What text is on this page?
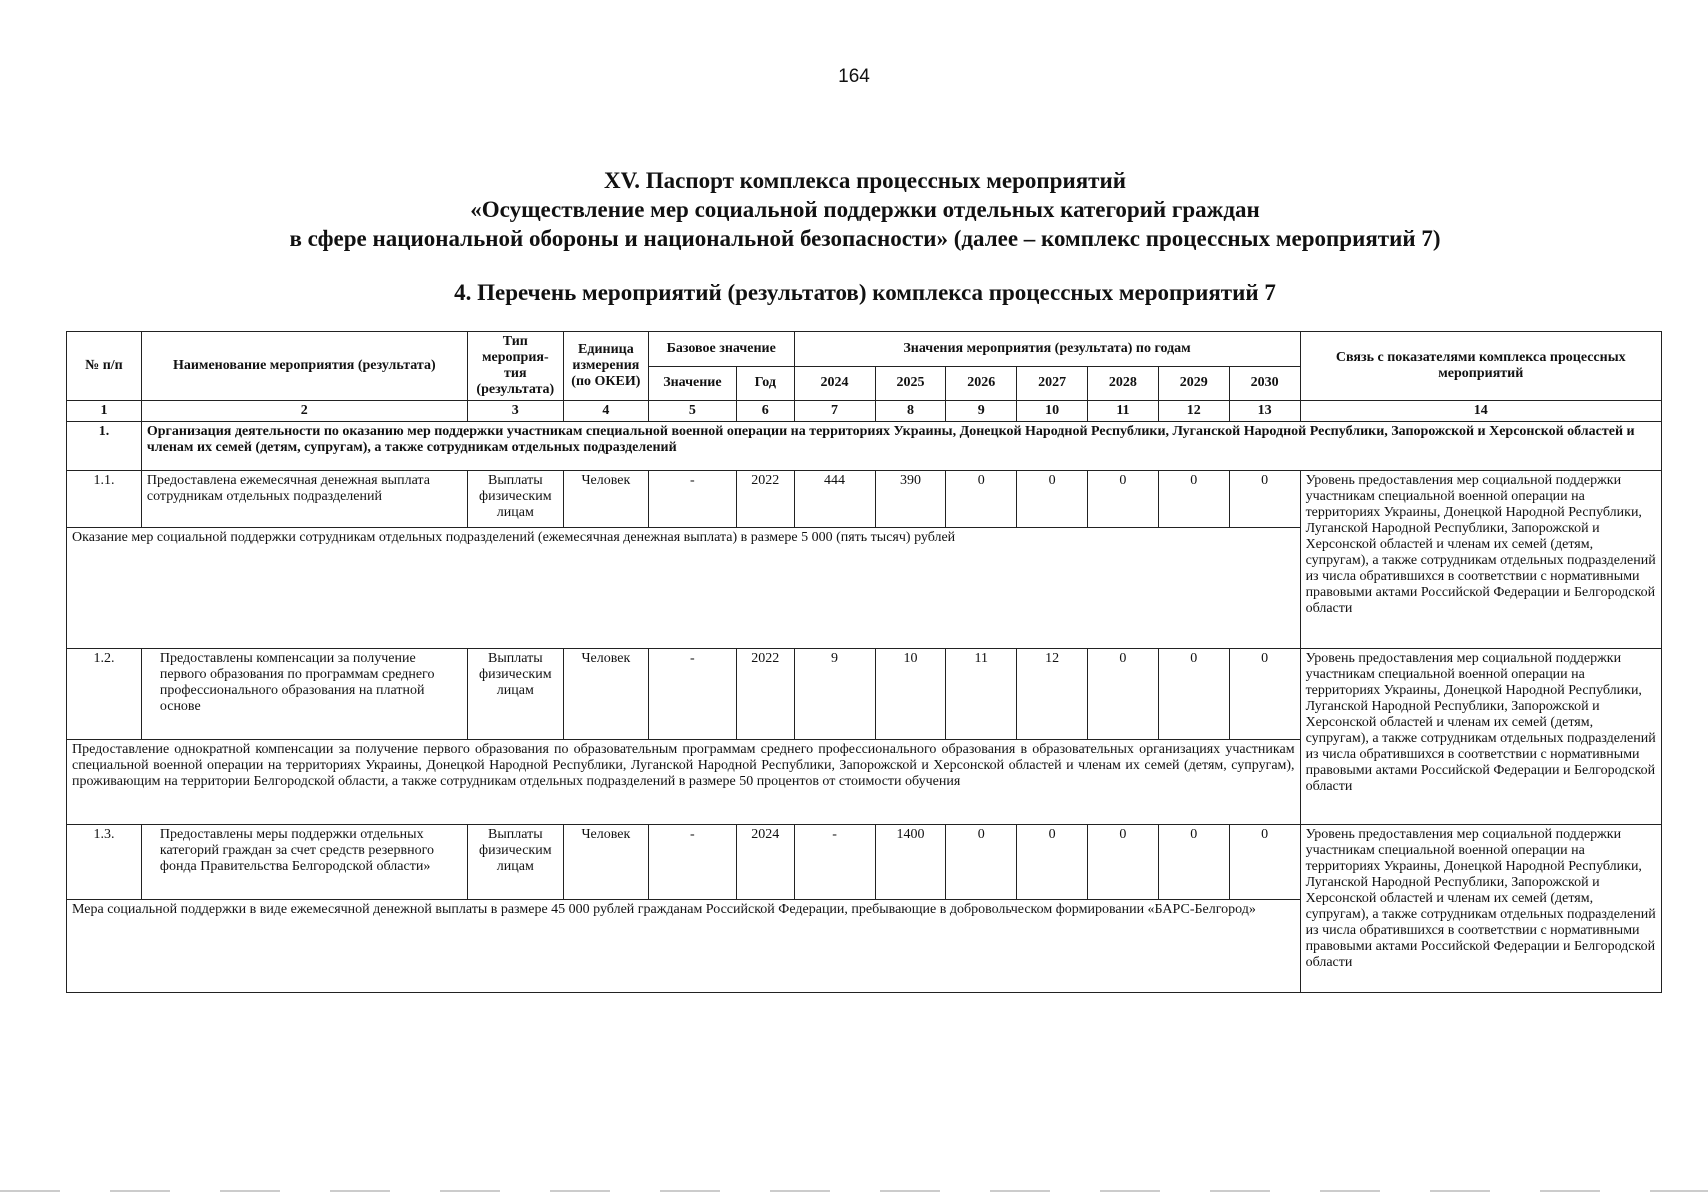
164
XV. Паспорт комплекса процессных мероприятий
«Осуществление мер социальной поддержки отдельных категорий граждан
в сфере национальной обороны и национальной безопасности» (далее – комплекс процессных мероприятий 7)
4. Перечень мероприятий (результатов) комплекса процессных мероприятий 7
№ п/п	Наименование мероприятия (результата)	Тип мероприя-тия (результата)	Единица измерения (по ОКЕИ)	Базовое значение		Значения мероприятия (результата) по годам							Связь с показателями комплекса процессных мероприятий
				Значение	Год	2024	2025	2026	2027	2028	2029	2030	
1	2	3	4	5	6	7	8	9	10	11	12	13	14
1.	Организация деятельности по оказанию мер поддержки участникам специальной военной операции на территориях Украины, Донецкой Народной Республики, Луганской Народной Республики, Запорожской и Херсонской областей и членам их семей (детям, супругам), а также сотрудникам отдельных подразделений												
1.1.	Предоставлена ежемесячная денежная выплата сотрудникам отдельных подразделений	Выплаты физическим лицам	Человек	-	2022	444	390	0	0	0	0	0	Уровень предоставления мер социальной поддержки участникам специальной военной операции на территориях Украины, Донецкой Народной Республики, Луганской Народной Республики, Запорожской и Херсонской областей и членам их семей (детям, супругам), а также сотрудникам отдельных подразделений из числа обратившихся в соответствии с нормативными правовыми актами Российской Федерации и Белгородской области
Оказание мер социальной поддержки сотрудникам отдельных подразделений (ежемесячная денежная выплата) в размере 5 000 (пять тысяч) рублей													
1.2.	Предоставлены компенсации за получение первого образования по программам среднего профессионального образования на платной основе	Выплаты физическим лицам	Человек	-	2022	9	10	11	12	0	0	0	Уровень предоставления мер социальной поддержки участникам специальной военной операции на территориях Украины, Донецкой Народной Республики, Луганской Народной Республики, Запорожской и Херсонской областей и членам их семей (детям, супругам), а также сотрудникам отдельных подразделений из числа обратившихся в соответствии с нормативными правовыми актами Российской Федерации и Белгородской области
Предоставление однократной компенсации за получение первого образования по образовательным программам среднего профессионального образования в образовательных организациях участникам специальной военной операции на территориях Украины, Донецкой Народной Республики, Луганской Народной Республики, Запорожской и Херсонской областей и членам их семей (детям, супругам), проживающим на территории Белгородской области, а также сотрудникам отдельных подразделений в размере 50 процентов от стоимости обучения													
1.3.	Предоставлены меры поддержки отдельных категорий граждан за счет средств резервного фонда Правительства Белгородской области»	Выплаты физическим лицам	Человек	-	2024	-	1400	0	0	0	0	0	Уровень предоставления мер социальной поддержки участникам специальной военной операции на территориях Украины, Донецкой Народной Республики, Луганской Народной Республики, Запорожской и Херсонской областей и членам их семей (детям, супругам), а также сотрудникам отдельных подразделений из числа обратившихся в соответствии с нормативными правовыми актами Российской Федерации и Белгородской области
Мера социальной поддержки в виде ежемесячной денежной выплаты в размере 45 000 рублей гражданам Российской Федерации, пребывающие в добровольческом формировании «БАРС-Белгород»													
